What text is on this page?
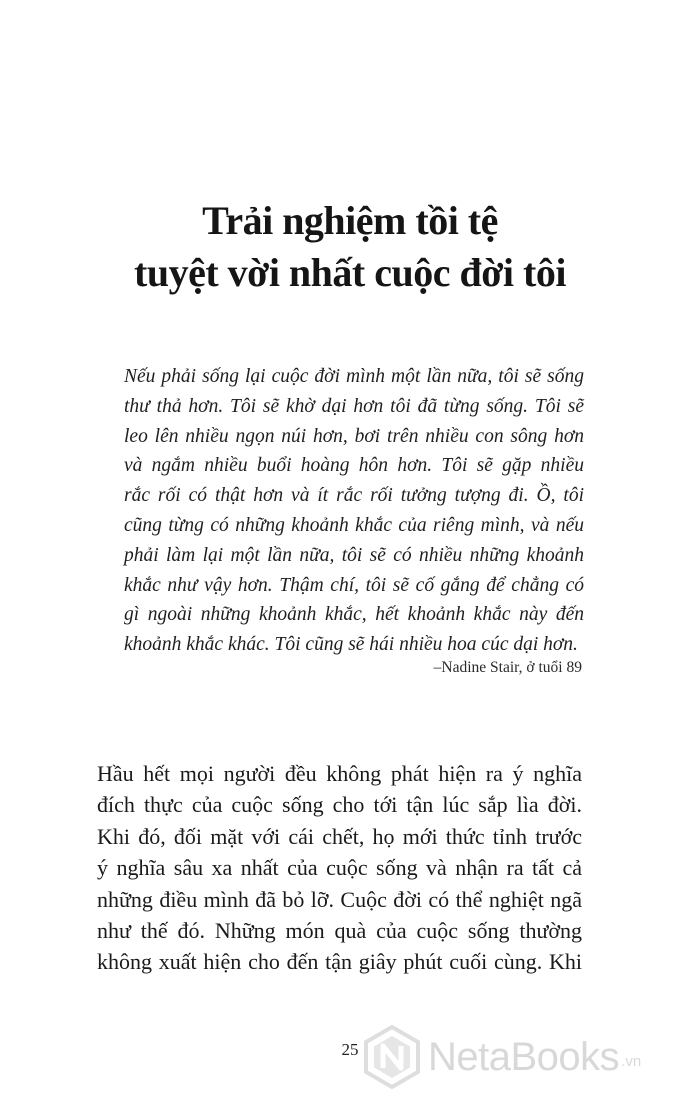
Trải nghiệm tồi tệ
tuyệt vời nhất cuộc đời tôi
Nếu phải sống lại cuộc đời mình một lần nữa, tôi sẽ sống
thư thả hơn. Tôi sẽ khờ dại hơn tôi đã từng sống. Tôi sẽ
leo lên nhiều ngọn núi hơn, bơi trên nhiều con sông hơn
và ngắm nhiều buổi hoàng hôn hơn. Tôi sẽ gặp nhiều
rắc rối có thật hơn và ít rắc rối tưởng tượng đi. Ồ, tôi
cũng từng có những khoảnh khắc của riêng mình, và nếu
phải làm lại một lần nữa, tôi sẽ có nhiều những khoảnh
khắc như vậy hơn. Thậm chí, tôi sẽ cố gắng để chẳng có
gì ngoài những khoảnh khắc, hết khoảnh khắc này đến
khoảnh khắc khác. Tôi cũng sẽ hái nhiều hoa cúc dại hơn.
–Nadine Stair, ở tuổi 89
Hầu hết mọi người đều không phát hiện ra ý nghĩa
đích thực của cuộc sống cho tới tận lúc sắp lìa đời.
Khi đó, đối mặt với cái chết, họ mới thức tỉnh trước
ý nghĩa sâu xa nhất của cuộc sống và nhận ra tất cả
những điều mình đã bỏ lỡ. Cuộc đời có thể nghiệt ngã
như thế đó. Những món quà của cuộc sống thường
không xuất hiện cho đến tận giây phút cuối cùng. Khi
25	NetaBooks .vn
